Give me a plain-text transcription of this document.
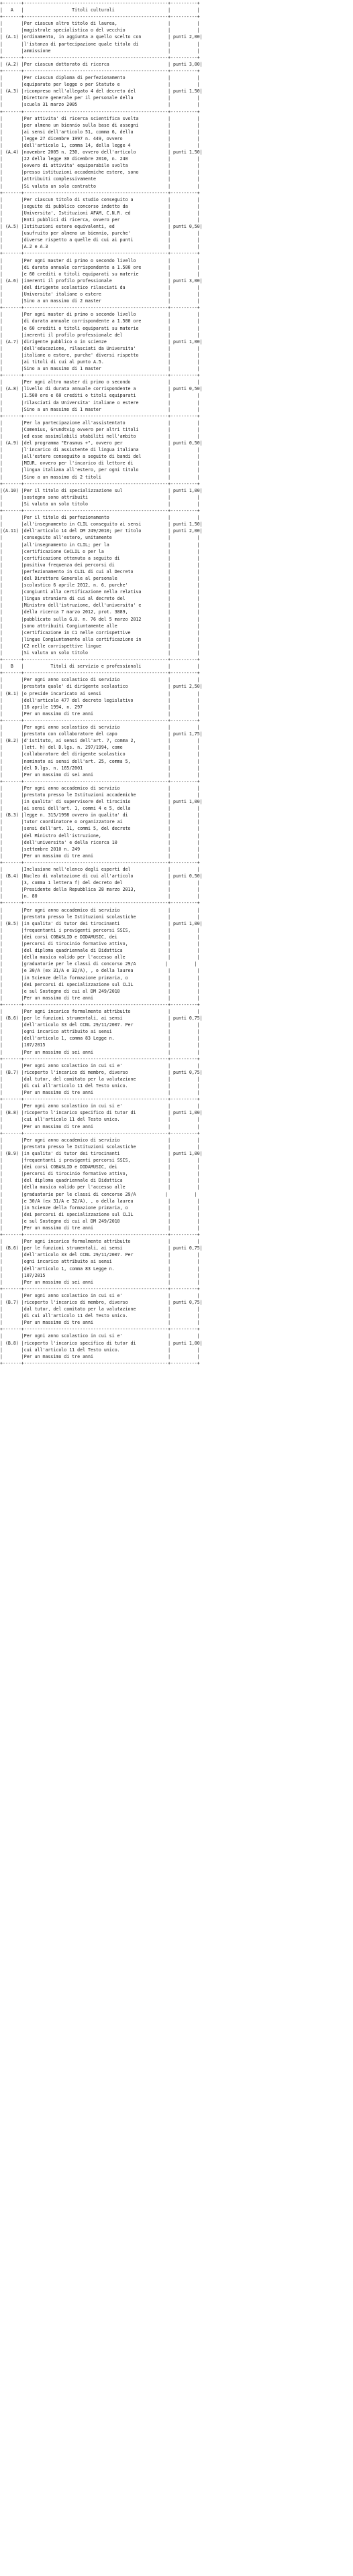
+-------+------------------------------------------------------+----------+
|   A   |                  Titoli culturali                    |          |
+-------+------------------------------------------------------+----------+
|       |Per ciascun altro titolo di laurea,                   |          |
|       |magistrale specialistica o del vecchio                |          |
| (A.1) |ordinamento, in aggiunta a quello scelto con          | punti 2,00|
|       |l'istanza di partecipazione quale titolo di           |          |
|       |ammissione                                            |          |
+-------+------------------------------------------------------+----------+
| (A.2) |Per ciascun dottorato di ricerca                      | punti 3,00|
+-------+------------------------------------------------------+----------+
|       |Per ciascun diploma di perfezionamento                |          |
|       |equiparato per legge o per Statuto e                  |          |
| (A.3) |ricompreso nell'allegato 4 del decreto del            | punti 1,50|
|       |Direttore generale per il personale della             |          |
|       |scuola 31 marzo 2005                                  |          |
+-------+------------------------------------------------------+----------+
|       |Per attivita' di ricerca scientifica svolta           |          |
|       |per almeno un biennio sulla base di assegni           |          |
|       |ai sensi dell'articolo 51, comma 6, della             |          |
|       |legge 27 dicembre 1997 n. 449, ovvero                 |          |
|       |dell'articolo 1, comma 14, della legge 4              |          |
| (A.4) |novembre 2005 n. 230, ovvero dell'articolo            | punti 1,50|
|       |22 della legge 30 dicembre 2010, n. 240               |          |
|       |ovvero di attivita' equiparabile svolta               |          |
|       |presso istituzioni accademiche estere, sono           |          |
|       |attribuiti complessivamente                           |          |
|       |Si valuta un solo contratto                           |          |
+-------+------------------------------------------------------+----------+
|       |Per ciascun titolo di studio conseguito a             |          |
|       |seguito di pubblico concorso indetto da               |          |
|       |Universita', Istituzioni AFAM, C.N.R. ed              |          |
|       |Enti pubblici di ricerca, ovvero per                  |          |
| (A.5) |Istituzioni estere equivalenti, ed                    | punti 0,50|
|       |usufruito per almeno un biennio, purche'              |          |
|       |diverse rispetto a quelle di cui ai punti             |          |
|       |A.2 e A.3                                             |          |
+-------+------------------------------------------------------+----------+
|       |Per ogni master di primo o secondo livello            |          |
|       |di durata annuale corrispondente a 1.500 ore          |          |
|       |e 60 crediti o titoli equiparati su materie           |          |
| (A.6) |inerenti il profilo professionale                     | punti 3,00|
|       |del dirigente scolastico rilasciati da                |          |
|       |Universita' italiane o estere                         |          |
|       |Sino a un massimo di 2 master                         |          |
+-------+------------------------------------------------------+----------+
|       |Per ogni master di primo o secondo livello            |          |
|       |di durata annuale corrispondente a 1.500 ore          |          |
|       |e 60 crediti o titoli equiparati su materie           |          |
|       |inerenti il profilo professionale del                 |          |
| (A.7) |dirigente pubblico o in scienze                       | punti 1,00|
|       |dell'educazione, rilasciati da Universita'            |          |
|       |italiane o estere, purche' diversi rispetto           |          |
|       |ai titoli di cui al punto A.5.                        |          |
|       |Sino a un massimo di 1 master                         |          |
+-------+------------------------------------------------------+----------+
|       |Per ogni altro master di primo o secondo              |          |
| (A.8) |livello di durata annuale corrispondente a            | punti 0,50|
|       |1.500 ore e 60 crediti o titoli equiparati            |          |
|       |rilasciati da Universita' italiane o estere           |          |
|       |Sino a un massimo di 1 master                         |          |
+-------+------------------------------------------------------+----------+
|       |Per la partecipazione all'assistentato                |          |
|       |Comenius, Grundtvig ovvero per altri titoli           |          |
|       |ed esse assimilabili stabiliti nell'ambito            |          |
| (A.9) |del programma "Erasmus +", ovvero per                 | punti 0,50|
|       |l'incarico di assistente di lingua italiana           |          |
|       |all'estero conseguito a seguito di bandi del          |          |
|       |MIUR, ovvero per l'incarico di lettore di             |          |
|       |lingua italiana all'estero, per ogni titolo           |          |
|       |Sino a un massimo di 2 titoli                         |          |
+-------+------------------------------------------------------+----------+
|(A.10) |Per il titolo di specializzazione sul                 | punti 1,00|
|       |sostegno sono attribuiti                              |          |
|       |Si valuta un solo titolo                              |          |
+-------+------------------------------------------------------+----------+
|       |Per il titolo di perfezionamento                      |          |
|       |all'insegnamento in CLIL conseguito ai sensi          | punti 1,50|
|(A.11) |dell'articolo 14 del DM 249/2010; per titolo          | punti 2,00|
|       |conseguito all'estero, unitamente                     |          |
|       |all'insegnamento in CLIL; per la                      |          |
|       |certificazione CeCLIL o per la                        |          |
|       |certificazione ottenuta a seguito di                  |          |
|       |positiva frequenza dei percorsi di                    |          |
|       |perfezionamento in CLIL di cui al Decreto             |          |
|       |del Direttore Generale al personale                   |          |
|       |scolastico 6 aprile 2012, n. 6, purche'               |          |
|       |congiunti alla certificazione nella relativa          |          |
|       |lingua straniera di cui al decreto del                |          |
|       |Ministro dell'istruzione, dell'universita' e          |          |
|       |della ricerca 7 marzo 2012, prot. 3889,               |          |
|       |pubblicato sulla G.U. n. 76 del 5 marzo 2012          |          |
|       |sono attribuiti Congiuntamente alle                   |          |
|       |certificazione in C1 nelle corrispettive              |          |
|       |lingue Congiuntamente alla certificazione in          |          |
|       |C2 nelle corrispettive lingue                         |          |
|       |Si valuta un solo titolo                              |          |
+-------+------------------------------------------------------+----------+
|   B   |          Titoli di servizio e professionali          |          |
+-------+------------------------------------------------------+----------+
|       |Per ogni anno scolastico di servizio                  |          |
|       |prestato quale' di dirigente scolastico               | punti 2,50|
| (B.1) |o preside incaricato ai sensi                         |          |
|       |dell'articolo 477 del decreto legislativo             |          |
|       |16 aprile 1994, n. 297                                |          |
|       |Per un massimo di tre anni                            |          |
+-------+------------------------------------------------------+----------+
|       |Per ogni anno scolastico di servizio                  |          |
|       |prestato con collaboratore del capo                   | punti 1,75|
| (B.2) |d'istituto, ai sensi dell'art. 7, comma 2,            |          |
|       |lett. h) del D.lgs. n. 297/1994, come                 |          |
|       |collaboratore del dirigente scolastico                |          |
|       |nominato ai sensi dell'art. 25, comma 5,              |          |
|       |del D.lgs. n. 165/2001                                |          |
|       |Per un massimo di sei anni                            |          |
+-------+------------------------------------------------------+----------+
|       |Per ogni anno accademico di servizio                  |          |
|       |prestato presso le Istituzioni accademiche            |          |
|       |in qualita' di supervisore del tirocinio              | punti 1,00|
|       |ai sensi dell'art. 1, commi 4 e 5, della              |          |
| (B.3) |legge n. 315/1998 ovvero in qualita' di               |          |
|       |tutor coordinatore o organizzatore ai                 |          |
|       |sensi dell'art. 11, commi 5, del decreto              |          |
|       |del Ministro dell'istruzione,                         |          |
|       |dell'universita' e della ricerca 10                   |          |
|       |settembre 2010 n. 249                                 |          |
|       |Per un massimo di tre anni                            |          |
+-------+------------------------------------------------------+----------+
|       |Inclusione nell'elenco degli esperti del              |          |
| (B.4) |Nucleo di valutazione di cui all'articolo             | punti 0,50|
|       |3, comma 1 lettera f) del decreto del                 |          |
|       |Presidente della Repubblica 28 marzo 2013,            |          |
|       |n. 80                                                 |          |
+-------+------------------------------------------------------+----------+
|       |Per ogni anno accademico di servizio                  |          |
|       |prestato presso le Istituzioni scolastiche            |          |
| (B.5) |in qualita' di tutor dei tirocinanti                  | punti 1,00|
|       |frequentanti i previgenti percorsi SSIS,              |          |
|       |dei corsi COBASLID e DIDAMUSIC, dei                   |          |
|       |percorsi di tirocinio formativo attivo,               |          |
|       |del diploma quadriennale di Didattica                 |          |
|       |della musica valido per l'accesso alle                |          |
|       |graduatorie per le classi di concorso 29/A           |          |
|       |e 30/A (ex 31/A e 32/A), , o della laurea             |          |
|       |in Scienze della formazione primaria, o               |          |
|       |dei percorsi di specializzazione sul CLIL             |          |
|       |e sul Sostegno di cui al DM 249/2010                  |          |
|       |Per un massimo di tre anni                            |          |
+-------+------------------------------------------------------+----------+
|       |Per ogni incarico formalmente attribuito              |          |
| (B.6) |per le funzioni strumentali, ai sensi                 | punti 0,75|
|       |dell'articolo 33 del CCNL 29/11/2007. Per             |          |
|       |ogni incarico attribuito ai sensi                     |          |
|       |dell'articolo 1, comma 83 Legge n.                    |          |
|       |107/2015                                              |          |
|       |Per un massimo di sei anni                            |          |
+-------+------------------------------------------------------+----------+
|       |Per ogni anno scolastico in cui si e'                 |          |
| (B.7) |ricoperto l'incarico di membro, diverso               | punti 0,75|
|       |dal tutor, del comitato per la valutazione            |          |
|       |di cui all'articolo 11 del Testo unico.               |          |
|       |Per un massimo di tre anni                            |          |
+-------+------------------------------------------------------+----------+
|       |Per ogni anno scolastico in cui si e'                 |          |
| (B.8) |ricoperto l'incarico specifico di tutor di            | punti 1,00|
|       |cui all'articolo 11 del Testo unico.                  |          |
|       |Per un massimo di tre anni                            |          |
+-------+------------------------------------------------------+----------+
|       |Per ogni anno accademico di servizio                  |          |
|       |prestato presso le Istituzioni scolastiche            |          |
| (B.9) |in qualita' di tutor dei tirocinanti                  | punti 1,00|
|       |frequentanti i previgenti percorsi SSIS,              |          |
|       |dei corsi COBASLID e DIDAMUSIC, dei                   |          |
|       |percorsi di tirocinio formativo attivo,               |          |
|       |del diploma quadriennale di Didattica                 |          |
|       |della musica valido per l'accesso alle                |          |
|       |graduatorie per le classi di concorso 29/A           |          |
|       |e 30/A (ex 31/A e 32/A), , o della laurea             |          |
|       |in Scienze della formazione primaria, o               |          |
|       |dei percorsi di specializzazione sul CLIL             |          |
|       |e sul Sostegno di cui al DM 249/2010                  |          |
|       |Per un massimo di tre anni                            |          |
+-------+------------------------------------------------------+----------+
|       |Per ogni incarico formalmente attribuito              |          |
| (B.6) |per le funzioni strumentali, ai sensi                 | punti 0,75|
|       |dell'articolo 33 del CCNL 29/11/2007. Per             |          |
|       |ogni incarico attribuito ai sensi                     |          |
|       |dell'articolo 1, comma 83 Legge n.                    |          |
|       |107/2015                                              |          |
|       |Per un massimo di sei anni                            |          |
+-------+------------------------------------------------------+----------+
|       |Per ogni anno scolastico in cui si e'                 |          |
| (B.7) |ricoperto l'incarico di membro, diverso               | punti 0,75|
|       |dal tutor, del comitato per la valutazione            |          |
|       |di cui all'articolo 11 del Testo unico.               |          |
|       |Per un massimo di tre anni                            |          |
+-------+------------------------------------------------------+----------+
|       |Per ogni anno scolastico in cui si e'                 |          |
| (B.8) |ricoperto l'incarico specifico di tutor di            | punti 1,00|
|       |cui all'articolo 11 del Testo unico.                  |          |
|       |Per un massimo di tre anni                            |          |
+-------+------------------------------------------------------+----------+
